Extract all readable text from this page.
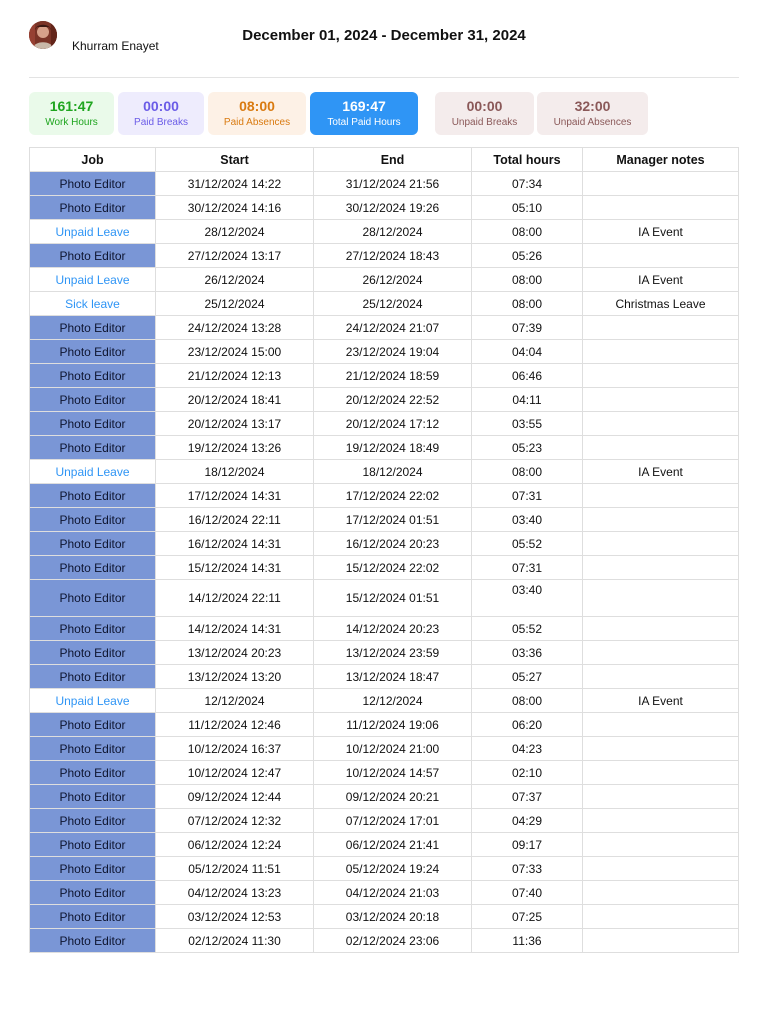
Khurram Enayet
December 01, 2024 - December 31, 2024
161:47
Work Hours
00:00
Paid Breaks
08:00
Paid Absences
169:47
Total Paid Hours
00:00
Unpaid Breaks
32:00
Unpaid Absences
Job	Start	End	Total hours	Manager notes
Photo Editor	31/12/2024 14:22	31/12/2024 21:56	07:34	
Photo Editor	30/12/2024 14:16	30/12/2024 19:26	05:10	
Unpaid Leave	28/12/2024	28/12/2024	08:00	IA Event
Photo Editor	27/12/2024 13:17	27/12/2024 18:43	05:26	
Unpaid Leave	26/12/2024	26/12/2024	08:00	IA Event
Sick leave	25/12/2024	25/12/2024	08:00	Christmas Leave
Photo Editor	24/12/2024 13:28	24/12/2024 21:07	07:39	
Photo Editor	23/12/2024 15:00	23/12/2024 19:04	04:04	
Photo Editor	21/12/2024 12:13	21/12/2024 18:59	06:46	
Photo Editor	20/12/2024 18:41	20/12/2024 22:52	04:11	
Photo Editor	20/12/2024 13:17	20/12/2024 17:12	03:55	
Photo Editor	19/12/2024 13:26	19/12/2024 18:49	05:23	
Unpaid Leave	18/12/2024	18/12/2024	08:00	IA Event
Photo Editor	17/12/2024 14:31	17/12/2024 22:02	07:31	
Photo Editor	16/12/2024 22:11	17/12/2024 01:51	03:40	
Photo Editor	16/12/2024 14:31	16/12/2024 20:23	05:52	
Photo Editor	15/12/2024 14:31	15/12/2024 22:02	07:31	
Photo Editor	14/12/2024 22:11	15/12/2024 01:51	03:40	
Photo Editor	14/12/2024 14:31	14/12/2024 20:23	05:52	
Photo Editor	13/12/2024 20:23	13/12/2024 23:59	03:36	
Photo Editor	13/12/2024 13:20	13/12/2024 18:47	05:27	
Unpaid Leave	12/12/2024	12/12/2024	08:00	IA Event
Photo Editor	11/12/2024 12:46	11/12/2024 19:06	06:20	
Photo Editor	10/12/2024 16:37	10/12/2024 21:00	04:23	
Photo Editor	10/12/2024 12:47	10/12/2024 14:57	02:10	
Photo Editor	09/12/2024 12:44	09/12/2024 20:21	07:37	
Photo Editor	07/12/2024 12:32	07/12/2024 17:01	04:29	
Photo Editor	06/12/2024 12:24	06/12/2024 21:41	09:17	
Photo Editor	05/12/2024 11:51	05/12/2024 19:24	07:33	
Photo Editor	04/12/2024 13:23	04/12/2024 21:03	07:40	
Photo Editor	03/12/2024 12:53	03/12/2024 20:18	07:25	
Photo Editor	02/12/2024 11:30	02/12/2024 23:06	11:36	
